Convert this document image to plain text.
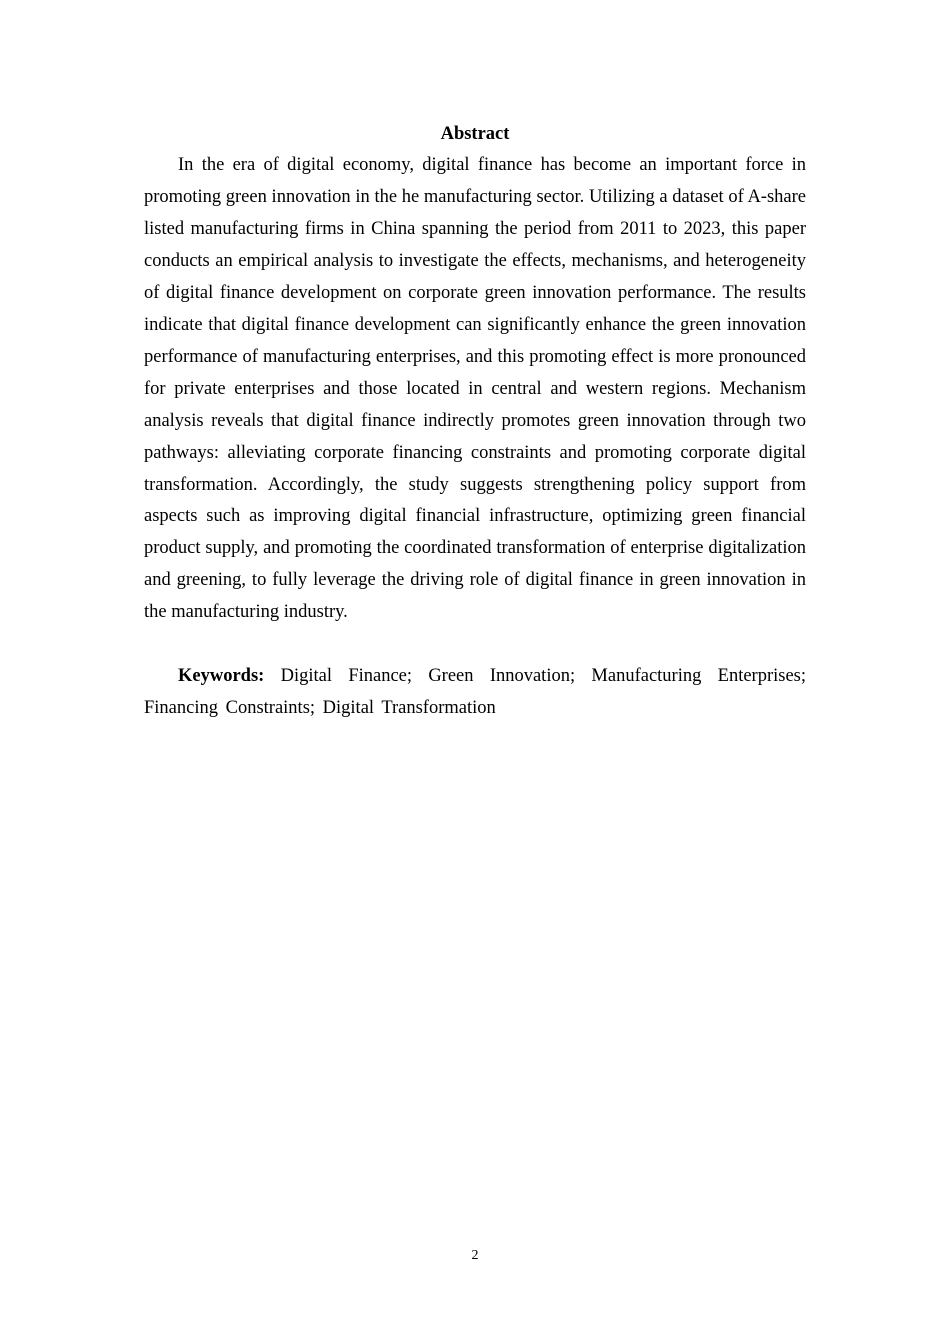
Abstract

In the era of digital economy, digital finance has become an important force in promoting green innovation in the he manufacturing sector. Utilizing a dataset of A-share listed manufacturing firms in China spanning the period from 2011 to 2023, this paper conducts an empirical analysis to investigate the effects, mechanisms, and heterogeneity of digital finance development on corporate green innovation performance. The results indicate that digital finance development can significantly enhance the green innovation performance of manufacturing enterprises, and this promoting effect is more pronounced for private enterprises and those located in central and western regions. Mechanism analysis reveals that digital finance indirectly promotes green innovation through two pathways: alleviating corporate financing constraints and promoting corporate digital transformation. Accordingly, the study suggests strengthening policy support from aspects such as improving digital financial infrastructure, optimizing green financial product supply, and promoting the coordinated transformation of enterprise digitalization and greening, to fully leverage the driving role of digital finance in green innovation in the manufacturing industry.

Keywords: Digital Finance; Green Innovation; Manufacturing Enterprises; Financing Constraints; Digital Transformation

2
